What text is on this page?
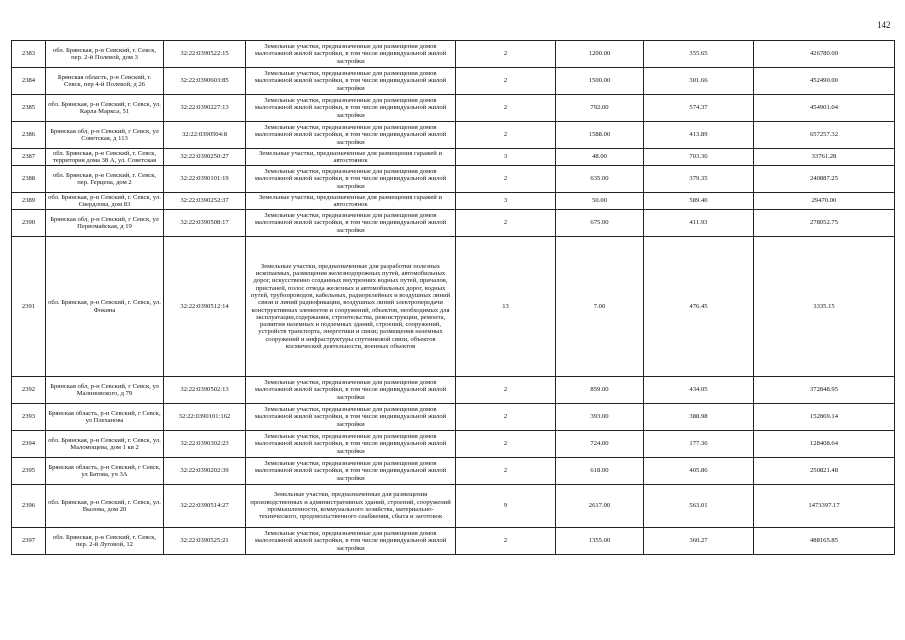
142
2383	обл. Брянская, р-н Севский, г. Севск, пер. 2-й Полевой, дом 3	32:22:0390522:15	Земельные участки, предназначенные для размещения домов малоэтажной жилой застройки, в том числе индивидуальной жилой застройки	2	1200.00	355.65	426780.00
2384	Брянская область, р-н Севский, г. Севск, пер 4-й Полевой, д 26	32:22:0390603:85	Земельные участки, предназначенные для размещения домов малоэтажной жилой застройки, в том числе индивидуальной жилой застройки	2	1500.00	301.66	452490.00
2385	обл. Брянская, р-н Севский, г. Севск, ул. Карла Маркса, 51	32:22:0390227:13	Земельные участки, предназначенные для размещения домов малоэтажной жилой застройки, в том числе индивидуальной жилой застройки	2	792.00	574.37	454901.04
2386	Брянская обл, р-н Севский, г Севск, ул Советская, д 113	32:22:0390504:8	Земельные участки, предназначенные для размещения домов малоэтажной жилой застройки, в том числе индивидуальной жилой застройки	2	1588.00	413.89	657257.32
2387	обл. Брянская, р-н Севский, г. Севск, территория дома 38 А, ул. Советская	32:22:0390250:27	Земельные участки, предназначенные для размещения гаражей и автостоянок	3	48.00	703.36	33761.28
2388	обл. Брянская, р-н Севский, г. Севск, пер. Герцена, дом 2	32:22:0390101:19	Земельные участки, предназначенные для размещения домов малоэтажной жилой застройки, в том числе индивидуальной жилой застройки	2	635.00	379.35	240887.25
2389	обл. Брянская, р-н Севский, г. Севск, ул. Свердлова, дом 83	32:22:0390252:37	Земельные участки, предназначенные для размещения гаражей и автостоянок	3	50.00	589.40	29470.00
2390	Брянская обл, р-н Севский, г Севск, ул Первомайская, д 19	32:22:0390508:17	Земельные участки, предназначенные для размещения домов малоэтажной жилой застройки, в том числе индивидуальной жилой застройки	2	675.00	411.93	278052.75
2391	обл. Брянская, р-н Севский, г. Севск, ул. Фокина	32:22:0390512:14	Земельные участки, предназначенные для разработки полезных ископаемых, размещения железнодорожных путей, автомобильных дорог, искусственно созданных внутренних водных путей, причалов, пристаней, полос отвода железных и автомобильных дорог, водных путей, трубопроводов, кабельных, радиорелейных и воздушных линий связи и линий радиофикации, воздушных линий электропередачи конструктивных элементов и сооружений, объектов, необходимых для эксплуатации,содержания, строительства, реконструкции, ремонта, развития наземных и подземных зданий, строений, сооружений, устройств транспорта, энергетики и связи; размещения наземных сооружений и инфраструктуры спутниковой связи, объектов космической деятельности, военных объектов	13	7.00	476.45	3335.15
2392	Брянская обл, р-н Севский, г Севск, ул Малиновского, д 79	32:22:0390502:13	Земельные участки, предназначенные для размещения домов малоэтажной жилой застройки, в том числе индивидуальной жилой застройки	2	859.00	434.05	372848.95
2393	Брянская область, р-н Севский, г Севск, ул Плеханова	32:22:0390101:162	Земельные участки, предназначенные для размещения домов малоэтажной жилой застройки, в том числе индивидуальной жилой застройки	2	393.00	388.98	152869.14
2394	обл. Брянская, р-н Севский, г. Севск, ул. Маломощева, дом 1 кв 2	32:22:0390302:23	Земельные участки, предназначенные для размещения домов малоэтажной жилой застройки, в том числе индивидуальной жилой застройки	2	724.00	177.36	128408.64
2395	Брянская область, р-н Севский, г Севск, ул Батова, уч 3А	32:22:0390202:39	Земельные участки, предназначенные для размещения домов малоэтажной жилой застройки, в том числе индивидуальной жилой застройки	2	618.00	405.86	250821.48
2396	обл. Брянская, р-н Севский, г. Севск, ул. Вылова, дом 20	32:22:0390514:27	Земельные участки, предназначенные для размещения производственных и административных зданий, строений, сооружений промышленности, коммунального хозяйства, материально-технического, продовольственного снабжения, сбыта и заготовок	9	2617.00	563.01	1473397.17
2397	обл. Брянская, р-н Севский, г. Севск, пер. 2-й Луговой, 12	32:22:0390525:21	Земельные участки, предназначенные для размещения домов малоэтажной жилой застройки, в том числе индивидуальной жилой застройки	2	1355.00	360.27	488165.85
